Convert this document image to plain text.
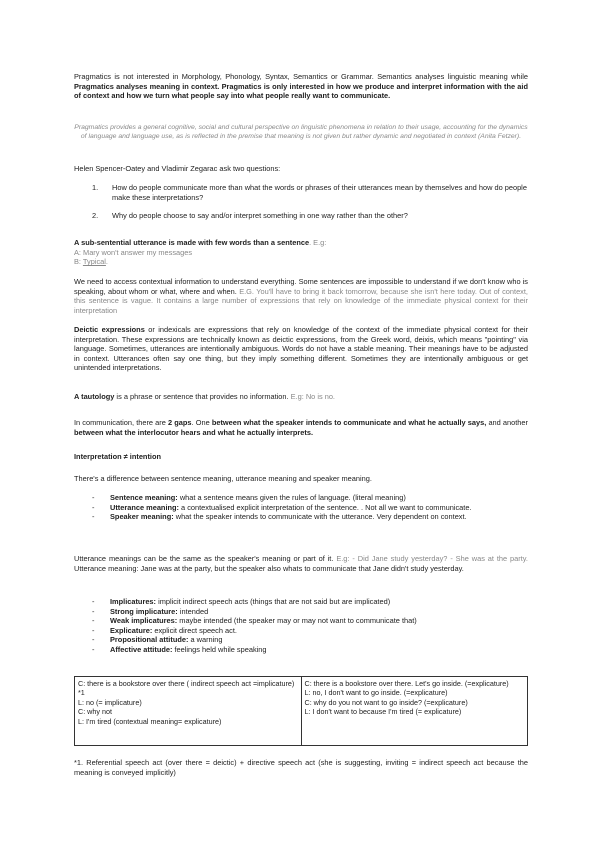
Pragmatics is not interested in Morphology, Phonology, Syntax, Semantics or Grammar. Semantics analyses linguistic meaning while Pragmatics analyses meaning in context. Pragmatics is only interested in how we produce and interpret information with the aid of context and how we turn what people say into what people really want to communicate.

Pragmatics provides a general cognitive, social and cultural perspective on linguistic phenomena in relation to their usage, accounting for the dynamics of language and language use, as is reflected in the premise that meaning is not given but rather dynamic and negotiated in context (Anita Fetzer).

Helen Spencer-Oatey and Vladimir Zegarac ask two questions:

1. How do people communicate more than what the words or phrases of their utterances mean by themselves and how do people make these interpretations?
2. Why do people choose to say and/or interpret something in one way rather than the other?
A sub-sentential utterance is made with few words than a sentence. E.g:
A: Mary won't answer my messages
B: Typical.

We need to access contextual information to understand everything. Some sentences are impossible to understand if we don't know who is speaking, about whom or what, where and when. E.G. You'll have to bring it back tomorrow, because she isn't here today. Out of context, this sentence is vague. It contains a large number of expressions that rely on knowledge of the immediate physical context for their interpretation

Deictic expressions or indexicals are expressions that rely on knowledge of the context of the immediate physical context for their interpretation. These expressions are technically known as deictic expressions, from the Greek word, deixis, which means "pointing" via language. Sometimes, utterances are intentionally ambiguous. Words do not have a stable meaning. Their meanings have to be adjusted in context. Utterances often say one thing, but they imply something different. Sometimes they are intentionally ambiguous or get unintended interpretations.

A tautology is a phrase or sentence that provides no information. E.g: No is no.

In communication, there are 2 gaps. One between what the speaker intends to communicate and what he actually says, and another between what the interlocutor hears and what he actually interprets.

Interpretation ≠ intention

There's a difference between sentence meaning, utterance meaning and speaker meaning.

- Sentence meaning: what a sentence means given the rules of language. (literal meaning)
- Utterance meaning: a contextualised explicit interpretation of the sentence. . Not all we want to communicate.
- Speaker meaning: what the speaker intends to communicate with the utterance. Very dependent on context.

Utterance meanings can be the same as the speaker's meaning or part of it. E.g: - Did Jane study yesterday? - She was at the party. Utterance meaning: Jane was at the party, but the speaker also whats to communicate that Jane didn't study yesterday.

- Implicatures: implicit indirect speech acts (things that are not said but are implicated)
- Strong implicature: intended
- Weak implicatures: maybe intended (the speaker may or may not want to communicate that)
- Explicature: explicit direct speech act.
- Propositional attitude: a warning
- Affective attitude: feelings held while speaking
C: there is a bookstore over there ( indirect speech act =implicature) *1
L: no (= implicature)
C: why not
L: I'm tired (contextual meaning= explicature)

C: there is a bookstore over there. Let's go inside. (=explicature)
L: no, I don't want to go inside. (=explicature)
C: why do you not want to go inside? (=explicature)
L: I don't want to because I'm tired (= explicature)

*1. Referential speech act (over there = deictic) + directive speech act (she is suggesting, inviting = indirect speech act because the meaning is conveyed implicitly)
